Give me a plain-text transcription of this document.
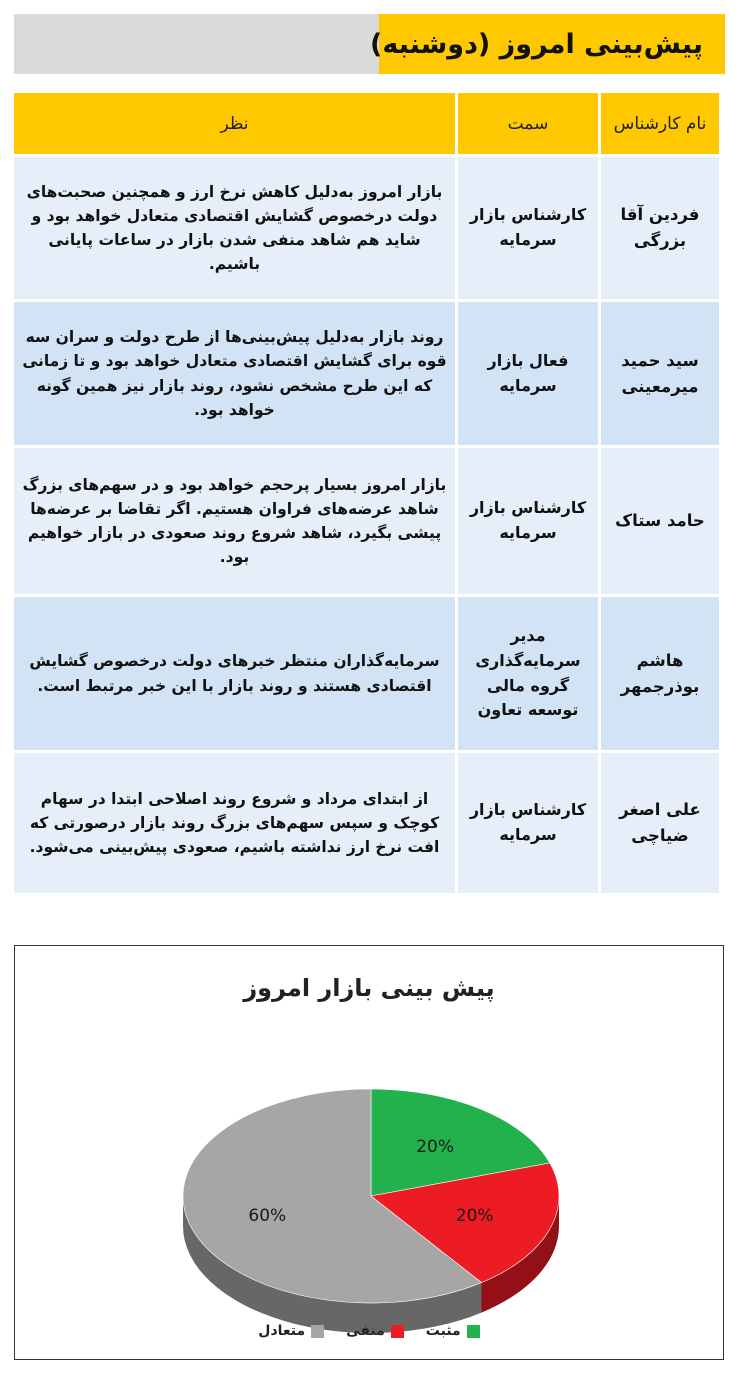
پیش‌بینی امروز (دوشنبه)
نام کارشناس	سمت	نظر
فردین آقا بزرگی	کارشناس بازار سرمایه	بازار امروز به‌دلیل کاهش نرخ ارز و همچنین صحبت‌های دولت درخصوص گشایش اقتصادی متعادل خواهد بود و شاید هم شاهد منفی شدن بازار در ساعات پایانی باشیم.
سید حمید میرمعینی	فعال بازار سرمایه	روند بازار به‌دلیل پیش‌بینی‌ها از طرح دولت و سران سه قوه برای گشایش اقتصادی متعادل خواهد بود و تا زمانی که این طرح مشخص نشود، روند بازار نیز همین گونه خواهد بود.
حامد ستاک	کارشناس بازار سرمایه	بازار امروز بسیار پرحجم خواهد بود و در سهم‌های بزرگ شاهد عرضه‌های فراوان هستیم. اگر تقاضا بر عرضه‌ها پیشی بگیرد، شاهد شروع روند صعودی در بازار خواهیم بود.
هاشم بوذرجمهر	مدیر سرمایه‌گذاری گروه مالی توسعه تعاون	سرمایه‌گذاران منتظر خبرهای دولت درخصوص گشایش اقتصادی هستند و روند بازار با این خبر مرتبط است.
علی اصغر ضیاچی	کارشناس بازار سرمایه	از ابتدای مرداد و شروع روند اصلاحی ابتدا در سهام کوچک و سپس سهم‌های بزرگ روند بازار درصورتی که افت نرخ ارز نداشته باشیم، صعودی پیش‌بینی می‌شود.
پیش بینی بازار امروز
20%
20%
60%
مثبت
منفی
متعادل
